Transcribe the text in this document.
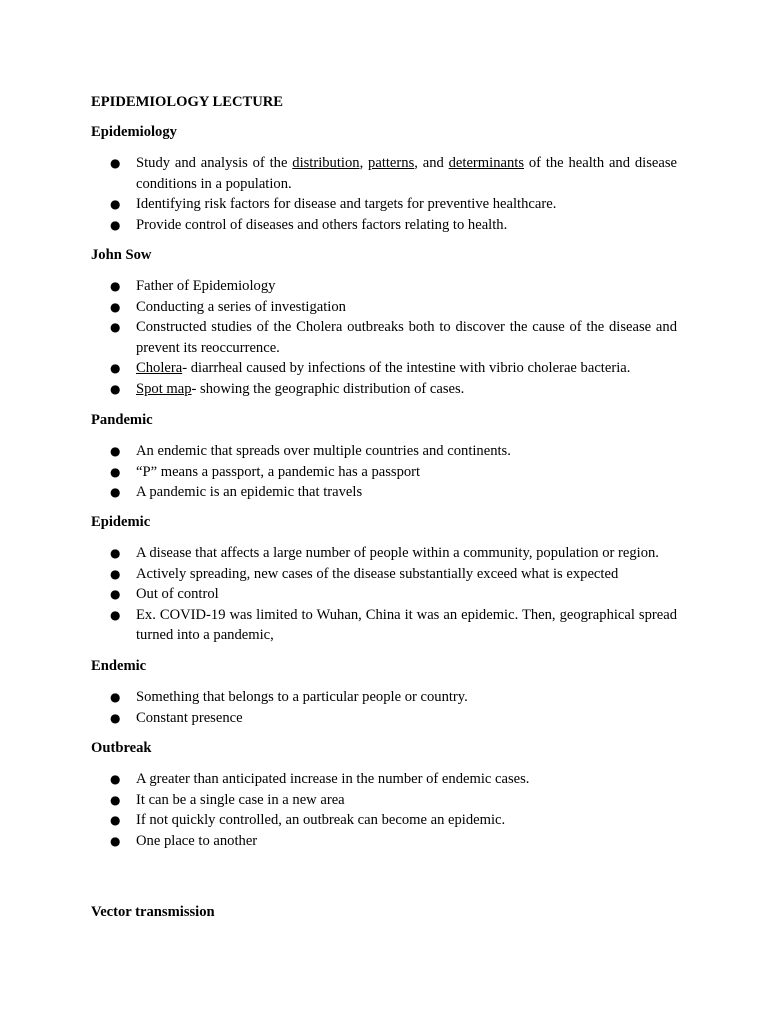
EPIDEMIOLOGY LECTURE
Epidemiology
● Study and analysis of the distribution, patterns, and determinants of the health and disease conditions in a population.
● Identifying risk factors for disease and targets for preventive healthcare.
● Provide control of diseases and others factors relating to health.
John Sow
● Father of Epidemiology
● Conducting a series of investigation
● Constructed studies of the Cholera outbreaks both to discover the cause of the disease and prevent its reoccurrence.
● Cholera- diarrheal caused by infections of the intestine with vibrio cholerae bacteria.
● Spot map- showing the geographic distribution of cases.
Pandemic
● An endemic that spreads over multiple countries and continents.
● “P” means a passport, a pandemic has a passport
● A pandemic is an epidemic that travels
Epidemic
● A disease that affects a large number of people within a community, population or region.
● Actively spreading, new cases of the disease substantially exceed what is expected
● Out of control
● Ex. COVID-19 was limited to Wuhan, China it was an epidemic. Then, geographical spread turned into a pandemic,
Endemic
● Something that belongs to a particular people or country.
● Constant presence
Outbreak
● A greater than anticipated increase in the number of endemic cases.
● It can be a single case in a new area
● If not quickly controlled, an outbreak can become an epidemic.
● One place to another
Vector transmission
